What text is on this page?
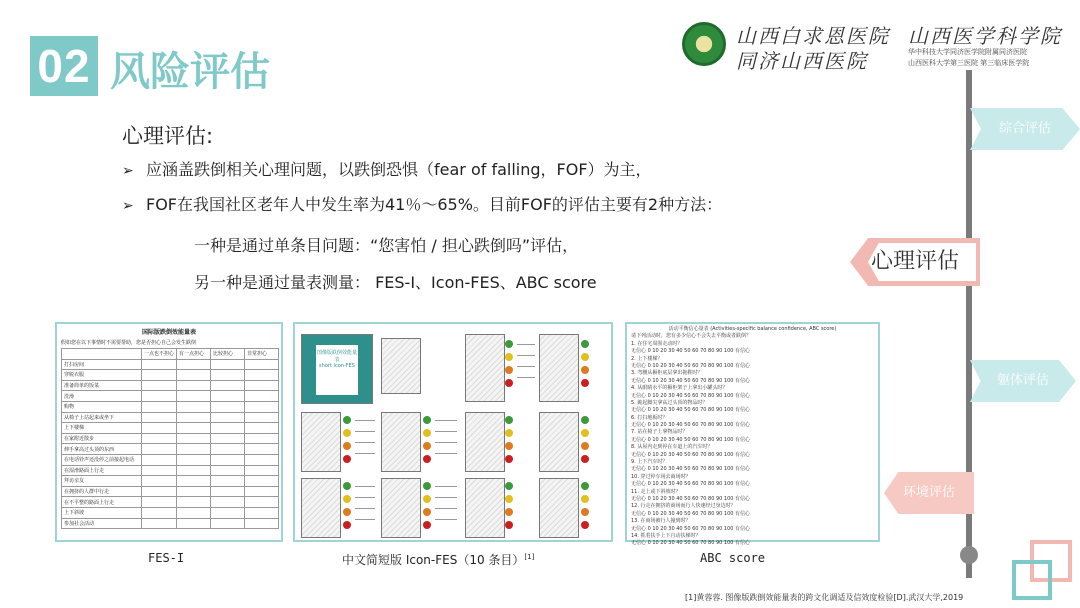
02 风险评估
山西白求恩医院
同济山西医院
山西医学科学院
华中科技大学同济医学院附属同济医院
山西医科大学第三医院 第三临床医学院
综合评估
心理评估
躯体评估
环境评估
心理评估:
➢ 应涵盖跌倒相关心理问题，以跌倒恐惧（fear of falling，FOF）为主，
➢ FOF在我国社区老年人中发生率为41％～65%。目前FOF的评估主要有2种方法：
一种是通过单条目问题：“您害怕 / 担心跌倒吗”评估，
另一种是通过量表测量： FES-I、Icon-FES、ABC score
国际版跌倒效能量表
假如您在以下事情时不需要帮助，您是否担心自己会发生跌倒
	一点也不担心	有一点担心	比较担心	非常担心
打扫房间				
穿脱衣服				
准备简单的饭菜				
洗澡				
购物				
从椅子上站起来或坐下				
上下楼梯				
在家附近散步				
伸手拿高过头顶的东西				
在电话铃声还没停之前接起电话				
在湿滑路面上行走				
拜访亲友				
在拥挤的人群中行走				
在不平整的路面上行走				
上下斜坡				
参加社会活动				
图像版跌倒效能量表
short Icon-FES
活动平衡信心量表 (Activities-specific balance confidence, ABC score)
请下列活动时，您有多少信心不会失去平衡或者跌倒？
1. 在住宅周围走动时？
无信心 0 10 20 30 40 50 60 70 80 90 100 有信心
2. 上下楼梯？
无信心 0 10 20 30 40 50 60 70 80 90 100 有信心
3. 弯腰从橱柜底层拿出拖鞋时？
无信心 0 10 20 30 40 50 60 70 80 90 100 有信心
4. 从眼睛水平的橱柜架子上拿出小罐头时？
无信心 0 10 20 30 40 50 60 70 80 90 100 有信心
5. 踮起脚尖拿高过头顶的物品时？
无信心 0 10 20 30 40 50 60 70 80 90 100 有信心
6. 打扫地板时？
无信心 0 10 20 30 40 50 60 70 80 90 100 有信心
7. 站在椅子上拿物品时？
无信心 0 10 20 30 40 50 60 70 80 90 100 有信心
8. 从屋内走到停在车道上的汽车时？
无信心 0 10 20 30 40 50 60 70 80 90 100 有信心
9. 上下汽车时？
无信心 0 10 20 30 40 50 60 70 80 90 100 有信心
10. 穿过停车场去商场时？
无信心 0 10 20 30 40 50 60 70 80 90 100 有信心
11. 走上或下斜坡时？
无信心 0 10 20 30 40 50 60 70 80 90 100 有信心
12. 行走在拥挤的商场而行人快速经过身边时？
无信心 0 10 20 30 40 50 60 70 80 90 100 有信心
13. 在商场被行人撞到时？
无信心 0 10 20 30 40 50 60 70 80 90 100 有信心
14. 抓着扶手上下自动扶梯时？
无信心 0 10 20 30 40 50 60 70 80 90 100 有信心
FES-I	中文简短版 Icon-FES（10 条目）[1]	ABC score
[1]黄蓉蓉. 图像版跌倒效能量表的跨文化调适及信效度检验[D].武汉大学,2019
